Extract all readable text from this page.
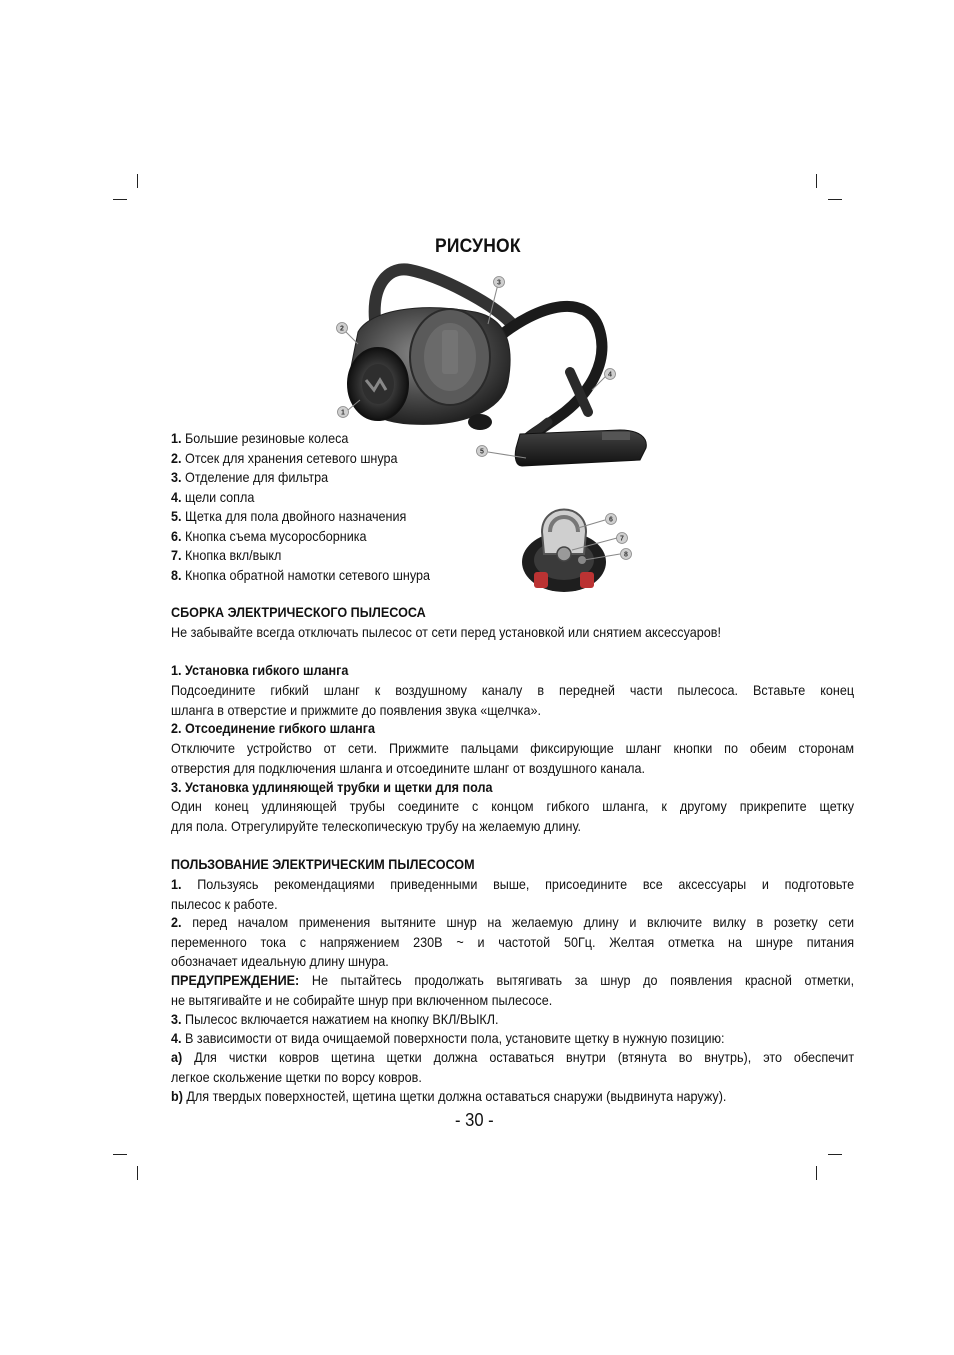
РИСУНОК
2
1
3
4
5
6
7
8
1. Большие резиновые колеса
2. Отсек для хранения сетевого шнура
3. Отделение для фильтра
4. щели сопла
5. Щетка для пола двойного назначения
6. Кнопка съема мусоросборника
7. Кнопка вкл/выкл
8. Кнопка обратной намотки сетевого шнура
СБОРКА ЭЛЕКТРИЧЕСКОГО ПЫЛЕСОСА
Не забывайте всегда отключать пылесос от сети перед установкой или снятием аксессуаров!
1. Установка гибкого шланга
Подсоедините гибкий шланг к воздушному каналу в передней части пылесоса. Вставьте конец
шланга в отверстие и прижмите до появления звука «щелчка».
2. Отсоединение гибкого шланга
Отключите устройство от сети. Прижмите пальцами фиксирующие шланг кнопки по обеим сторонам
отверстия для подключения шланга и отсоедините шланг от воздушного канала.
3. Установка удлиняющей трубки и щетки для пола
Один конец удлиняющей трубы соедините с концом гибкого шланга, к другому прикрепите щетку
для пола. Отрегулируйте телескопическую трубу на желаемую длину.
ПОЛЬЗОВАНИЕ ЭЛЕКТРИЧЕСКИМ ПЫЛЕСОСОМ
1. Пользуясь рекомендациями приведенными выше, присоедините все аксессуары и подготовьте
пылесос к работе.
2. перед началом применения вытяните шнур на желаемую длину и включите вилку в розетку сети
переменного тока с напряжением 230В ~ и частотой 50Гц. Желтая отметка на шнуре питания
обозначает идеальную длину шнура.
ПРЕДУПРЕЖДЕНИЕ: Не пытайтесь продолжать вытягивать за шнур до появления красной отметки,
не вытягивайте и не собирайте шнур при включенном пылесосе.
3. Пылесос включается нажатием на кнопку ВКЛ/ВЫКЛ.
4. В зависимости от вида очищаемой поверхности пола, установите щетку в нужную позицию:
a) Для чистки ковров щетина щетки должна оставаться внутри (втянута во внутрь), это обеспечит
легкое скольжение щетки по ворсу ковров.
b) Для твердых поверхностей, щетина щетки должна оставаться снаружи (выдвинута наружу).
- 30 -
